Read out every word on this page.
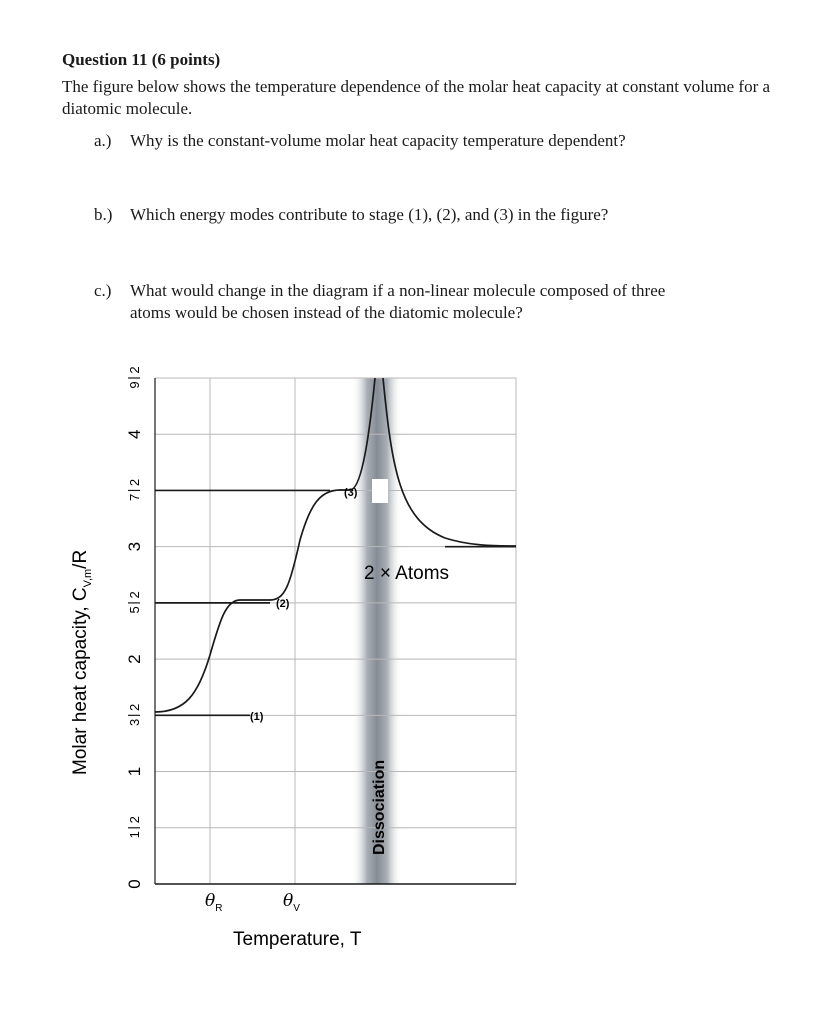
Question 11 (6 points)
The figure below shows the temperature dependence of the molar heat capacity at constant volume for a diatomic molecule.
a.) Why is the constant-volume molar heat capacity temperature dependent?
b.) Which energy modes contribute to stage (1), (2), and (3) in the figure?
c.) What would change in the diagram if a non-linear molecule composed of three
atoms would be chosen instead of the diatomic molecule?
0
1
2
1
3
2
2
5
2
3
7
2
4
9
2
(1)
(2)
(3)
2 × Atoms
Dissociation
$\theta_R$	$\theta_V$
Temperature, T
Molar heat capacity, $C_{V,m}/R$
